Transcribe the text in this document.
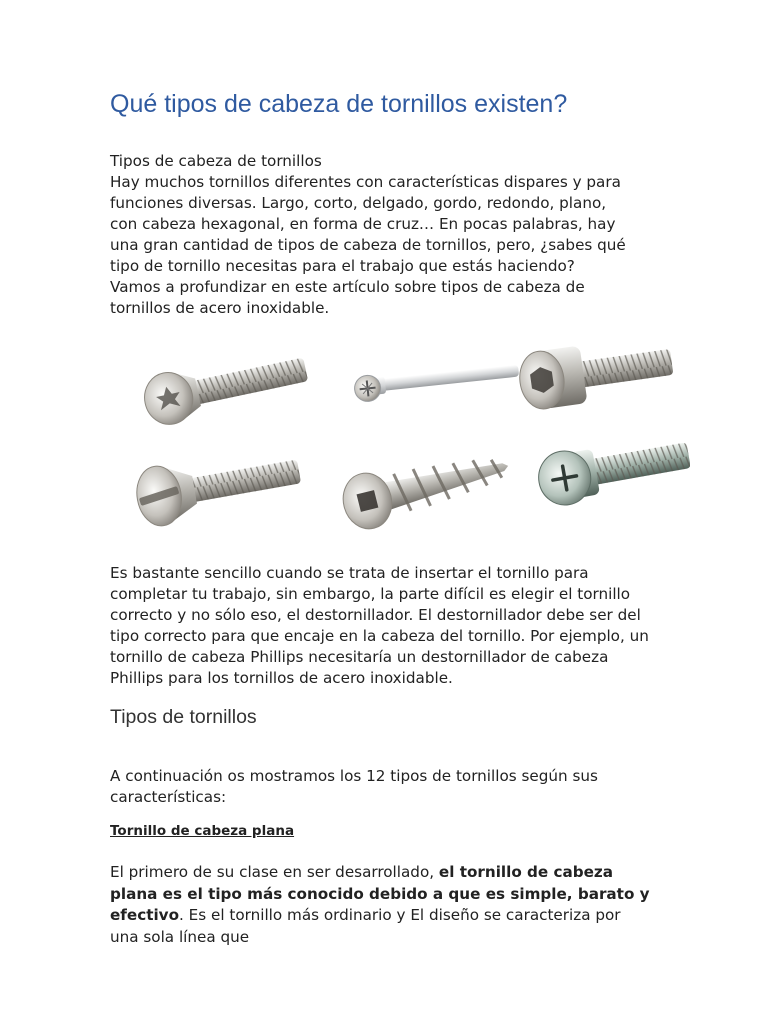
Qué tipos de cabeza de tornillos existen?

Tipos de cabeza de tornillos

Hay muchos tornillos diferentes con características dispares y para funciones diversas. Largo, corto, delgado, gordo, redondo, plano, con cabeza hexagonal, en forma de cruz… En pocas palabras, hay una gran cantidad de tipos de cabeza de tornillos, pero, ¿sabes qué tipo de tornillo necesitas para el trabajo que estás haciendo? Vamos a profundizar en este artículo sobre tipos de cabeza de tornillos de acero inoxidable.

Es bastante sencillo cuando se trata de insertar el tornillo para completar tu trabajo, sin embargo, la parte difícil es elegir el tornillo correcto y no sólo eso, el destornillador. El destornillador debe ser del tipo correcto para que encaje en la cabeza del tornillo. Por ejemplo, un tornillo de cabeza Phillips necesitaría un destornillador de cabeza Phillips para los tornillos de acero inoxidable.

Tipos de tornillos

A continuación os mostramos los 12 tipos de tornillos según sus características:

Tornillo de cabeza plana

El primero de su clase en ser desarrollado, el tornillo de cabeza plana es el tipo más conocido debido a que es simple, barato y efectivo. Es el tornillo más ordinario y El diseño se caracteriza por una sola línea que
